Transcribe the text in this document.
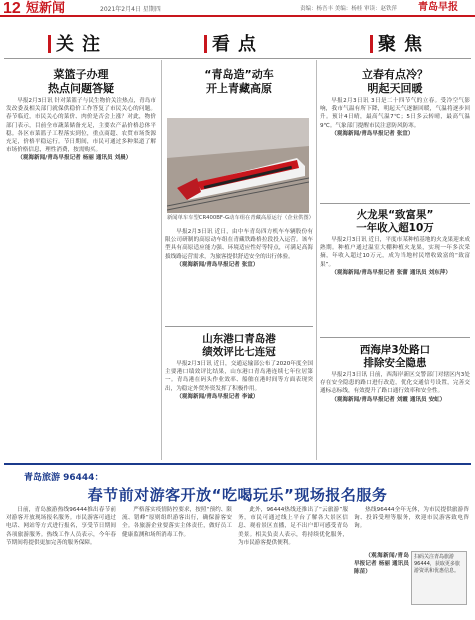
12 短新闻	2021年2月4日 星期四	责编：杨吾丰 美编：杨桂 审读：赵铁萍 青岛早报
关注	看点	聚焦
菜篮子办理
热点问题答疑

早报2月3日讯 针对菜篮子与民生物价关注热点，青岛市发改委及相关部门就保供稳价工作答复了市民关心的问题。春节临近，市民关心的菜价、肉价是否会上涨？对此，物价部门表示，目前全市蔬菜储备充足，主要农产品价格总体平稳。各区市菜篮子工程落实到位，重点商超、农贸市场货源充足，价格平稳运行。节日期间，市民可通过多种渠道了解市场价格信息，理性消费，按需购买。

（观海新闻/青岛早报记者 杨丽 通讯员 刘晨）

“青岛造”动车
开上青藏高原
新闻单车车型CR400BF-G动车组在青藏高原运行（企业供图）

早报2月3日讯 近日，由中车青岛四方机车车辆股份有限公司研制的高原动车组在青藏铁路格拉段投入运营。该车型具有高原适应能力强、环境适应性好等特点，可满足高海拔线路运营需求，为旅客提供舒适安全的出行体验。

（观海新闻/青岛早报记者 张宣）

山东港口青岛港
绩效评比七连冠

早报2月3日讯 近日，交通运输部公布了2020年度全国主要港口绩效评比结果，山东港口青岛港连续七年位居第一。青岛港在码头作业效率、船舶在港时间等方面表现突出，为稳定外贸外资发挥了积极作用。

（观海新闻/青岛早报记者 李诚）

立春有点冷？
明起天回暖

早报2月3日讯 3日是二十四节气的立春。受冷空气影响，我市气温有所下降，明起天气逐渐回暖，气温将逐步回升。预计4日晴，最高气温7℃；5日多云转晴，最高气温9℃。气象部门提醒市民注意防风防寒。

（观海新闻/青岛早报记者 张宣）

火龙果“致富果”
一年收入超10万

早报2月3日讯 近日，平度市某种植基地的火龙果迎来成熟期。种植户通过温室大棚种植火龙果，实现一年多次采摘，年收入超过10万元，成为当地村民增收致富的“致富果”。

（观海新闻/青岛早报记者 张蕾 通讯员 刘东萍）

西海岸3处路口
排除安全隐患

早报2月3日讯 日前，西海岸新区交警部门对辖区内3处存在安全隐患的路口进行改造，优化交通信号设置，完善交通标志标线，有效提升了路口通行效率和安全性。

（观海新闻/青岛早报记者 刘霞 通讯员 安虹）

青岛旅游 96444：
春节前对游客开放“吃喝玩乐”现场报名服务

日前，青岛旅游热线96444推出春节前对游客开放现场报名服务。市民游客可通过电话、网站等方式进行报名，享受节日期间各项旅游服务。热线工作人员表示，今年春节期间将提供更加完善的服务保障。

严格落实疫情防控要求，按照“预约、限流、错峰”原则组织游客出行，确保游客安全。各旅游企业要落实主体责任，做好员工健康监测和场所消毒工作。

此外，96444热线还推出了“云旅游”服务，市民可通过线上平台了解各大景区信息、观看景区直播，足不出户即可感受青岛美景。相关负责人表示，将持续优化服务，为市民游客提供便利。

热线96444全年无休，为市民提供旅游咨询、投诉受理等服务，欢迎市民游客致电咨询。

（观海新闻/青岛早报记者 杨丽 通讯员 陈苗）

扫码关注青岛旅游96444，获取更多旅游资讯和优惠信息。
